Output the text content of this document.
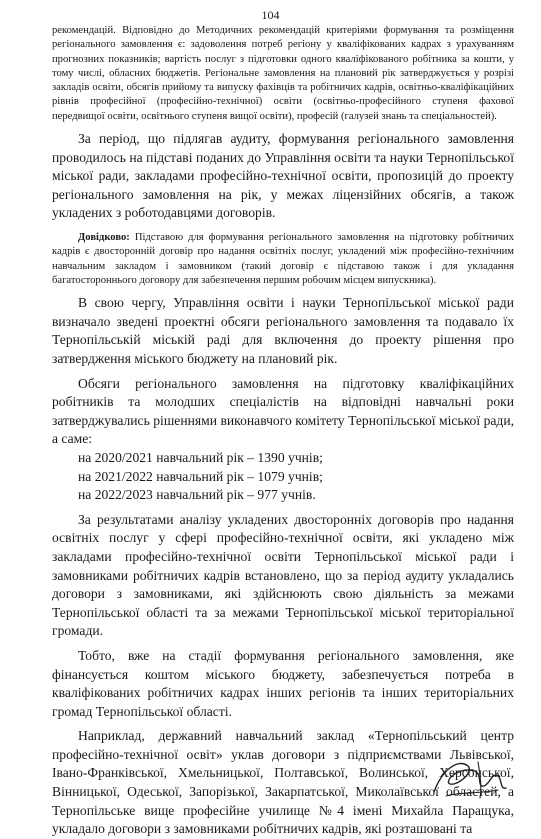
104

рекомендацій. Відповідно до Методичних рекомендацій критеріями формування та розміщення регіонального замовлення є: задоволення потреб регіону у кваліфікованих кадрах з урахуванням прогнозних показників; вартість послуг з підготовки одного кваліфікованого робітника за кошти, у тому числі, обласних бюджетів. Регіональне замовлення на плановий рік затверджується у розрізі закладів освіти, обсягів прийому та випуску фахівців та робітничих кадрів, освітньо-кваліфікаційних рівнів професійної (професійно-технічної) освіти (освітньо-професійного ступеня фахової передвищої освіти, освітнього ступеня вищої освіти), професій (галузей знань та спеціальностей).

За період, що підлягав аудиту, формування регіонального замовлення проводилось на підставі поданих до Управління освіти та науки Тернопільської міської ради, закладами професійно-технічної освіти, пропозицій до проекту регіонального замовлення на рік, у межах ліцензійних обсягів, а також укладених з роботодавцями договорів.

Довідково: Підставою для формування регіонального замовлення на підготовку робітничих кадрів є двосторонній договір про надання освітніх послуг, укладений між професійно-технічним навчальним закладом і замовником (такий договір є підставою також і для укладання багатостороннього договору для забезпечення першим робочим місцем випускника).

В свою чергу, Управління освіти і науки Тернопільської міської ради визначало зведені проектні обсяги регіонального замовлення та подавало їх Тернопільській міській раді для включення до проекту рішення про затвердження міського бюджету на плановий рік.

Обсяги регіонального замовлення на підготовку кваліфікаційних робітників та молодших спеціалістів на відповідні навчальні роки затверджувались рішеннями виконавчого комітету Тернопільської міської ради, а саме:

на 2020/2021 навчальний рік – 1390 учнів;
на 2021/2022 навчальний рік – 1079 учнів;
на 2022/2023 навчальний рік – 977 учнів.

За результатами аналізу укладених двосторонніх договорів про надання освітніх послуг у сфері професійно-технічної освіти, які укладено між закладами професійно-технічної освіти Тернопільської міської ради і замовниками робітничих кадрів встановлено, що за період аудиту укладались договори з замовниками, які здійснюють свою діяльність за межами Тернопільської області та за межами Тернопільської міської територіальної громади.

Тобто, вже на стадії формування регіонального замовлення, яке фінансується коштом міського бюджету, забезпечується потреба в кваліфікованих робітничих кадрах інших регіонів та інших територіальних громад Тернопільської області.

Наприклад, державний навчальний заклад «Тернопільський центр професійно-технічної освіт» уклав договори з підприємствами Львівської, Івано-Франківської, Хмельницької, Полтавської, Волинської, Херсонської, Вінницької, Одеської, Запорізької, Закарпатської, Миколаївської областей, а Тернопільське вище професійне училище №4 імені Михайла Паращука, укладало договори з замовниками робітничих кадрів, які розташовані та
